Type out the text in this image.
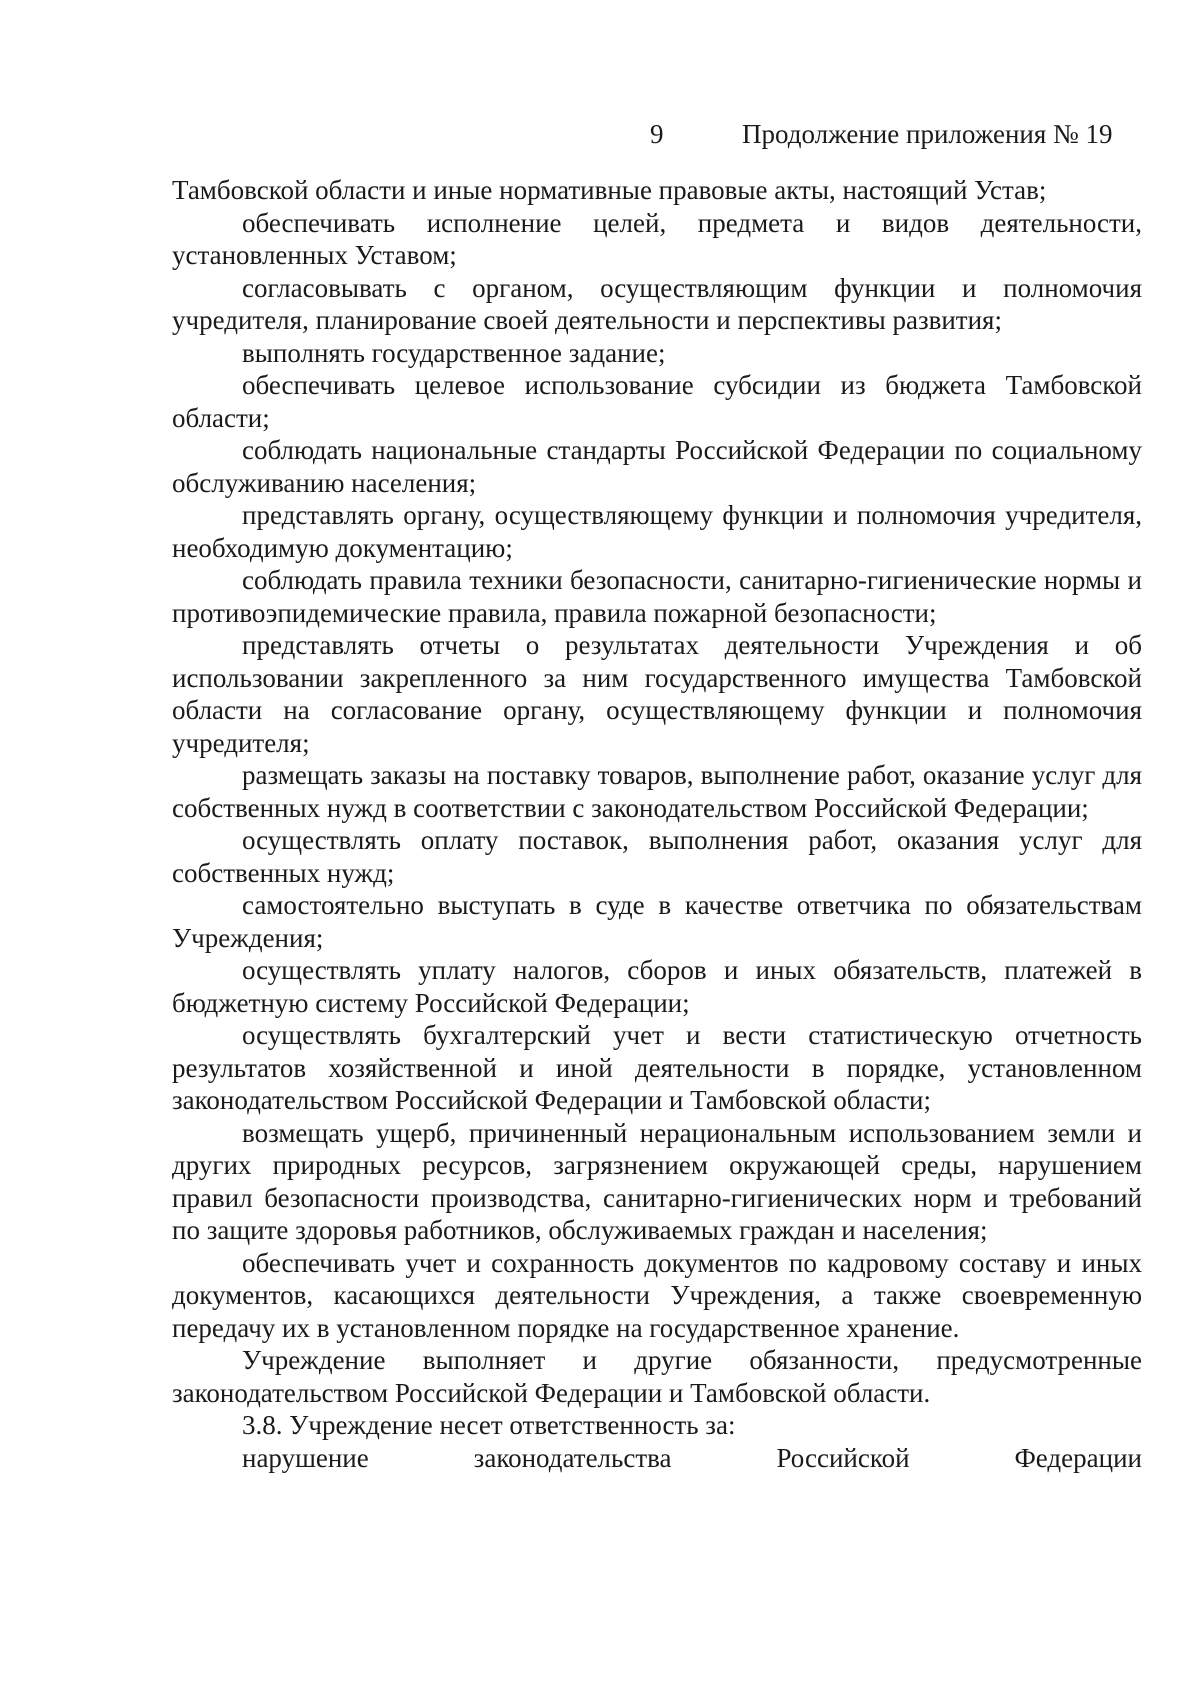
9	Продолжение приложения № 19

Тамбовской области и иные нормативные правовые акты, настоящий Устав;

обеспечивать исполнение целей, предмета и видов деятельности, установленных Уставом;

согласовывать с органом, осуществляющим функции и полномочия учредителя, планирование своей деятельности и перспективы развития;

выполнять государственное задание;

обеспечивать целевое использование субсидии из бюджета Тамбовской области;

соблюдать национальные стандарты Российской Федерации по социальному обслуживанию населения;

представлять органу, осуществляющему функции и полномочия учредителя, необходимую документацию;

соблюдать правила техники безопасности, санитарно-гигиенические нормы и противоэпидемические правила, правила пожарной безопасности;

представлять отчеты о результатах деятельности Учреждения и об использовании закрепленного за ним государственного имущества Тамбовской области на согласование органу, осуществляющему функции и полномочия учредителя;

размещать заказы на поставку товаров, выполнение работ, оказание услуг для собственных нужд в соответствии с законодательством Российской Федерации;

осуществлять оплату поставок, выполнения работ, оказания услуг для собственных нужд;

самостоятельно выступать в суде в качестве ответчика по обязательствам Учреждения;

осуществлять уплату налогов, сборов и иных обязательств, платежей в бюджетную систему Российской Федерации;

осуществлять бухгалтерский учет и вести статистическую отчетность результатов хозяйственной и иной деятельности в порядке, установленном законодательством Российской Федерации и Тамбовской области;

возмещать ущерб, причиненный нерациональным использованием земли и других природных ресурсов, загрязнением окружающей среды, нарушением правил безопасности производства, санитарно-гигиенических норм и требований по защите здоровья работников, обслуживаемых граждан и населения;

обеспечивать учет и сохранность документов по кадровому составу и иных документов, касающихся деятельности Учреждения, а также своевременную передачу их в установленном порядке на государственное хранение.

Учреждение выполняет и другие обязанности, предусмотренные законодательством Российской Федерации и Тамбовской области.

3.8. Учреждение несет ответственность за:

нарушение законодательства Российской Федерации
